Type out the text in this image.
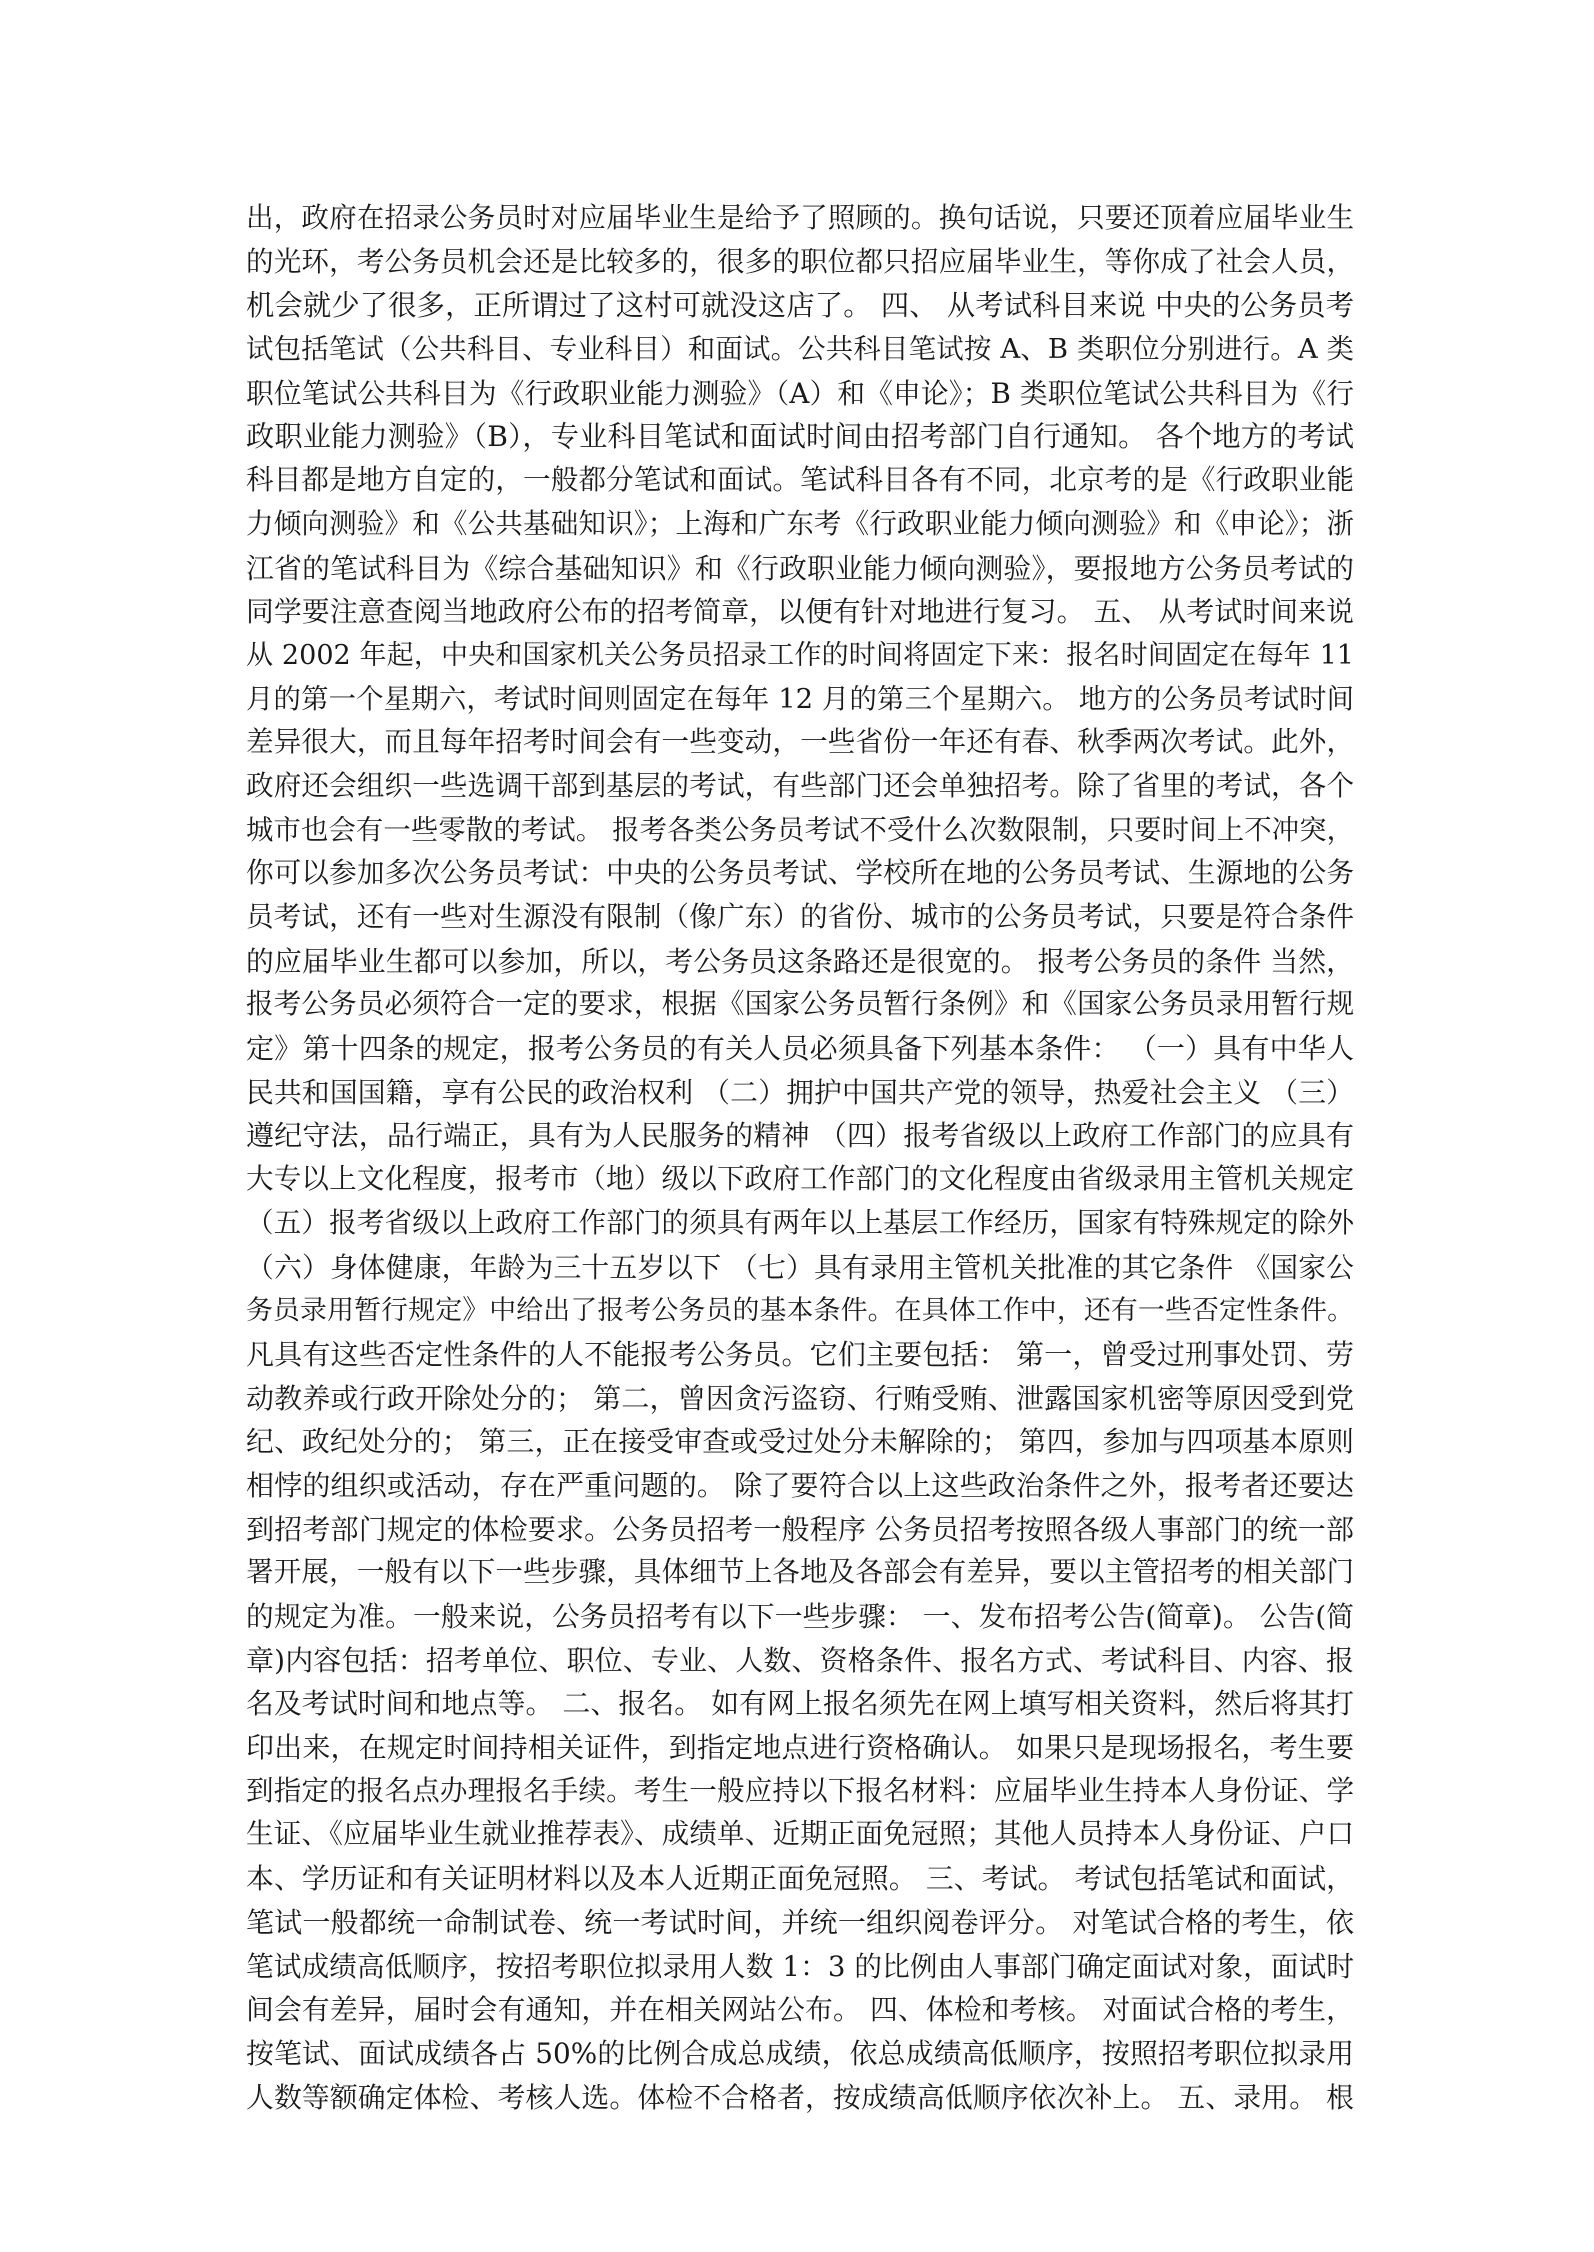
出，政府在招录公务员时对应届毕业生是给予了照顾的。换句话说，只要还顶着应届毕业生
的光环，考公务员机会还是比较多的，很多的职位都只招应届毕业生，等你成了社会人员，
机会就少了很多，正所谓过了这村可就没这店了。 四、 从考试科目来说 中央的公务员考
试包括笔试（公共科目、专业科目）和面试。公共科目笔试按 A、B 类职位分别进行。A 类
职位笔试公共科目为《行政职业能力测验》（A）和《申论》；B 类职位笔试公共科目为《行
政职业能力测验》（B），专业科目笔试和面试时间由招考部门自行通知。 各个地方的考试
科目都是地方自定的，一般都分笔试和面试。笔试科目各有不同，北京考的是《行政职业能
力倾向测验》和《公共基础知识》；上海和广东考《行政职业能力倾向测验》和《申论》；浙
江省的笔试科目为《综合基础知识》和《行政职业能力倾向测验》，要报地方公务员考试的
同学要注意查阅当地政府公布的招考简章，以便有针对地进行复习。 五、 从考试时间来说
从 2002 年起，中央和国家机关公务员招录工作的时间将固定下来：报名时间固定在每年 11
月的第一个星期六，考试时间则固定在每年 12 月的第三个星期六。 地方的公务员考试时间
差异很大，而且每年招考时间会有一些变动，一些省份一年还有春、秋季两次考试。此外，
政府还会组织一些选调干部到基层的考试，有些部门还会单独招考。除了省里的考试，各个
城市也会有一些零散的考试。 报考各类公务员考试不受什么次数限制，只要时间上不冲突，
你可以参加多次公务员考试：中央的公务员考试、学校所在地的公务员考试、生源地的公务
员考试，还有一些对生源没有限制（像广东）的省份、城市的公务员考试，只要是符合条件
的应届毕业生都可以参加，所以，考公务员这条路还是很宽的。 报考公务员的条件 当然，
报考公务员必须符合一定的要求，根据《国家公务员暂行条例》和《国家公务员录用暂行规
定》第十四条的规定，报考公务员的有关人员必须具备下列基本条件： （一）具有中华人
民共和国国籍，享有公民的政治权利 （二）拥护中国共产党的领导，热爱社会主义 （三）
遵纪守法，品行端正，具有为人民服务的精神 （四）报考省级以上政府工作部门的应具有
大专以上文化程度，报考市（地）级以下政府工作部门的文化程度由省级录用主管机关规定
（五）报考省级以上政府工作部门的须具有两年以上基层工作经历，国家有特殊规定的除外
（六）身体健康，年龄为三十五岁以下 （七）具有录用主管机关批准的其它条件 《国家公
务员录用暂行规定》中给出了报考公务员的基本条件。在具体工作中，还有一些否定性条件。
凡具有这些否定性条件的人不能报考公务员。它们主要包括： 第一，曾受过刑事处罚、劳
动教养或行政开除处分的； 第二，曾因贪污盗窃、行贿受贿、泄露国家机密等原因受到党
纪、政纪处分的； 第三，正在接受审查或受过处分未解除的； 第四，参加与四项基本原则
相悖的组织或活动，存在严重问题的。 除了要符合以上这些政治条件之外，报考者还要达
到招考部门规定的体检要求。公务员招考一般程序 公务员招考按照各级人事部门的统一部
署开展，一般有以下一些步骤，具体细节上各地及各部会有差异，要以主管招考的相关部门
的规定为准。一般来说，公务员招考有以下一些步骤： 一、发布招考公告(简章)。 公告(简
章)内容包括：招考单位、职位、专业、人数、资格条件、报名方式、考试科目、内容、报
名及考试时间和地点等。 二、报名。 如有网上报名须先在网上填写相关资料，然后将其打
印出来，在规定时间持相关证件，到指定地点进行资格确认。 如果只是现场报名，考生要
到指定的报名点办理报名手续。考生一般应持以下报名材料：应届毕业生持本人身份证、学
生证、《应届毕业生就业推荐表》、成绩单、近期正面免冠照；其他人员持本人身份证、户口
本、学历证和有关证明材料以及本人近期正面免冠照。 三、考试。 考试包括笔试和面试，
笔试一般都统一命制试卷、统一考试时间，并统一组织阅卷评分。 对笔试合格的考生，依
笔试成绩高低顺序，按招考职位拟录用人数 1：3 的比例由人事部门确定面试对象，面试时
间会有差异，届时会有通知，并在相关网站公布。 四、体检和考核。 对面试合格的考生，
按笔试、面试成绩各占 50%的比例合成总成绩，依总成绩高低顺序，按照招考职位拟录用
人数等额确定体检、考核人选。体检不合格者，按成绩高低顺序依次补上。 五、录用。 根
